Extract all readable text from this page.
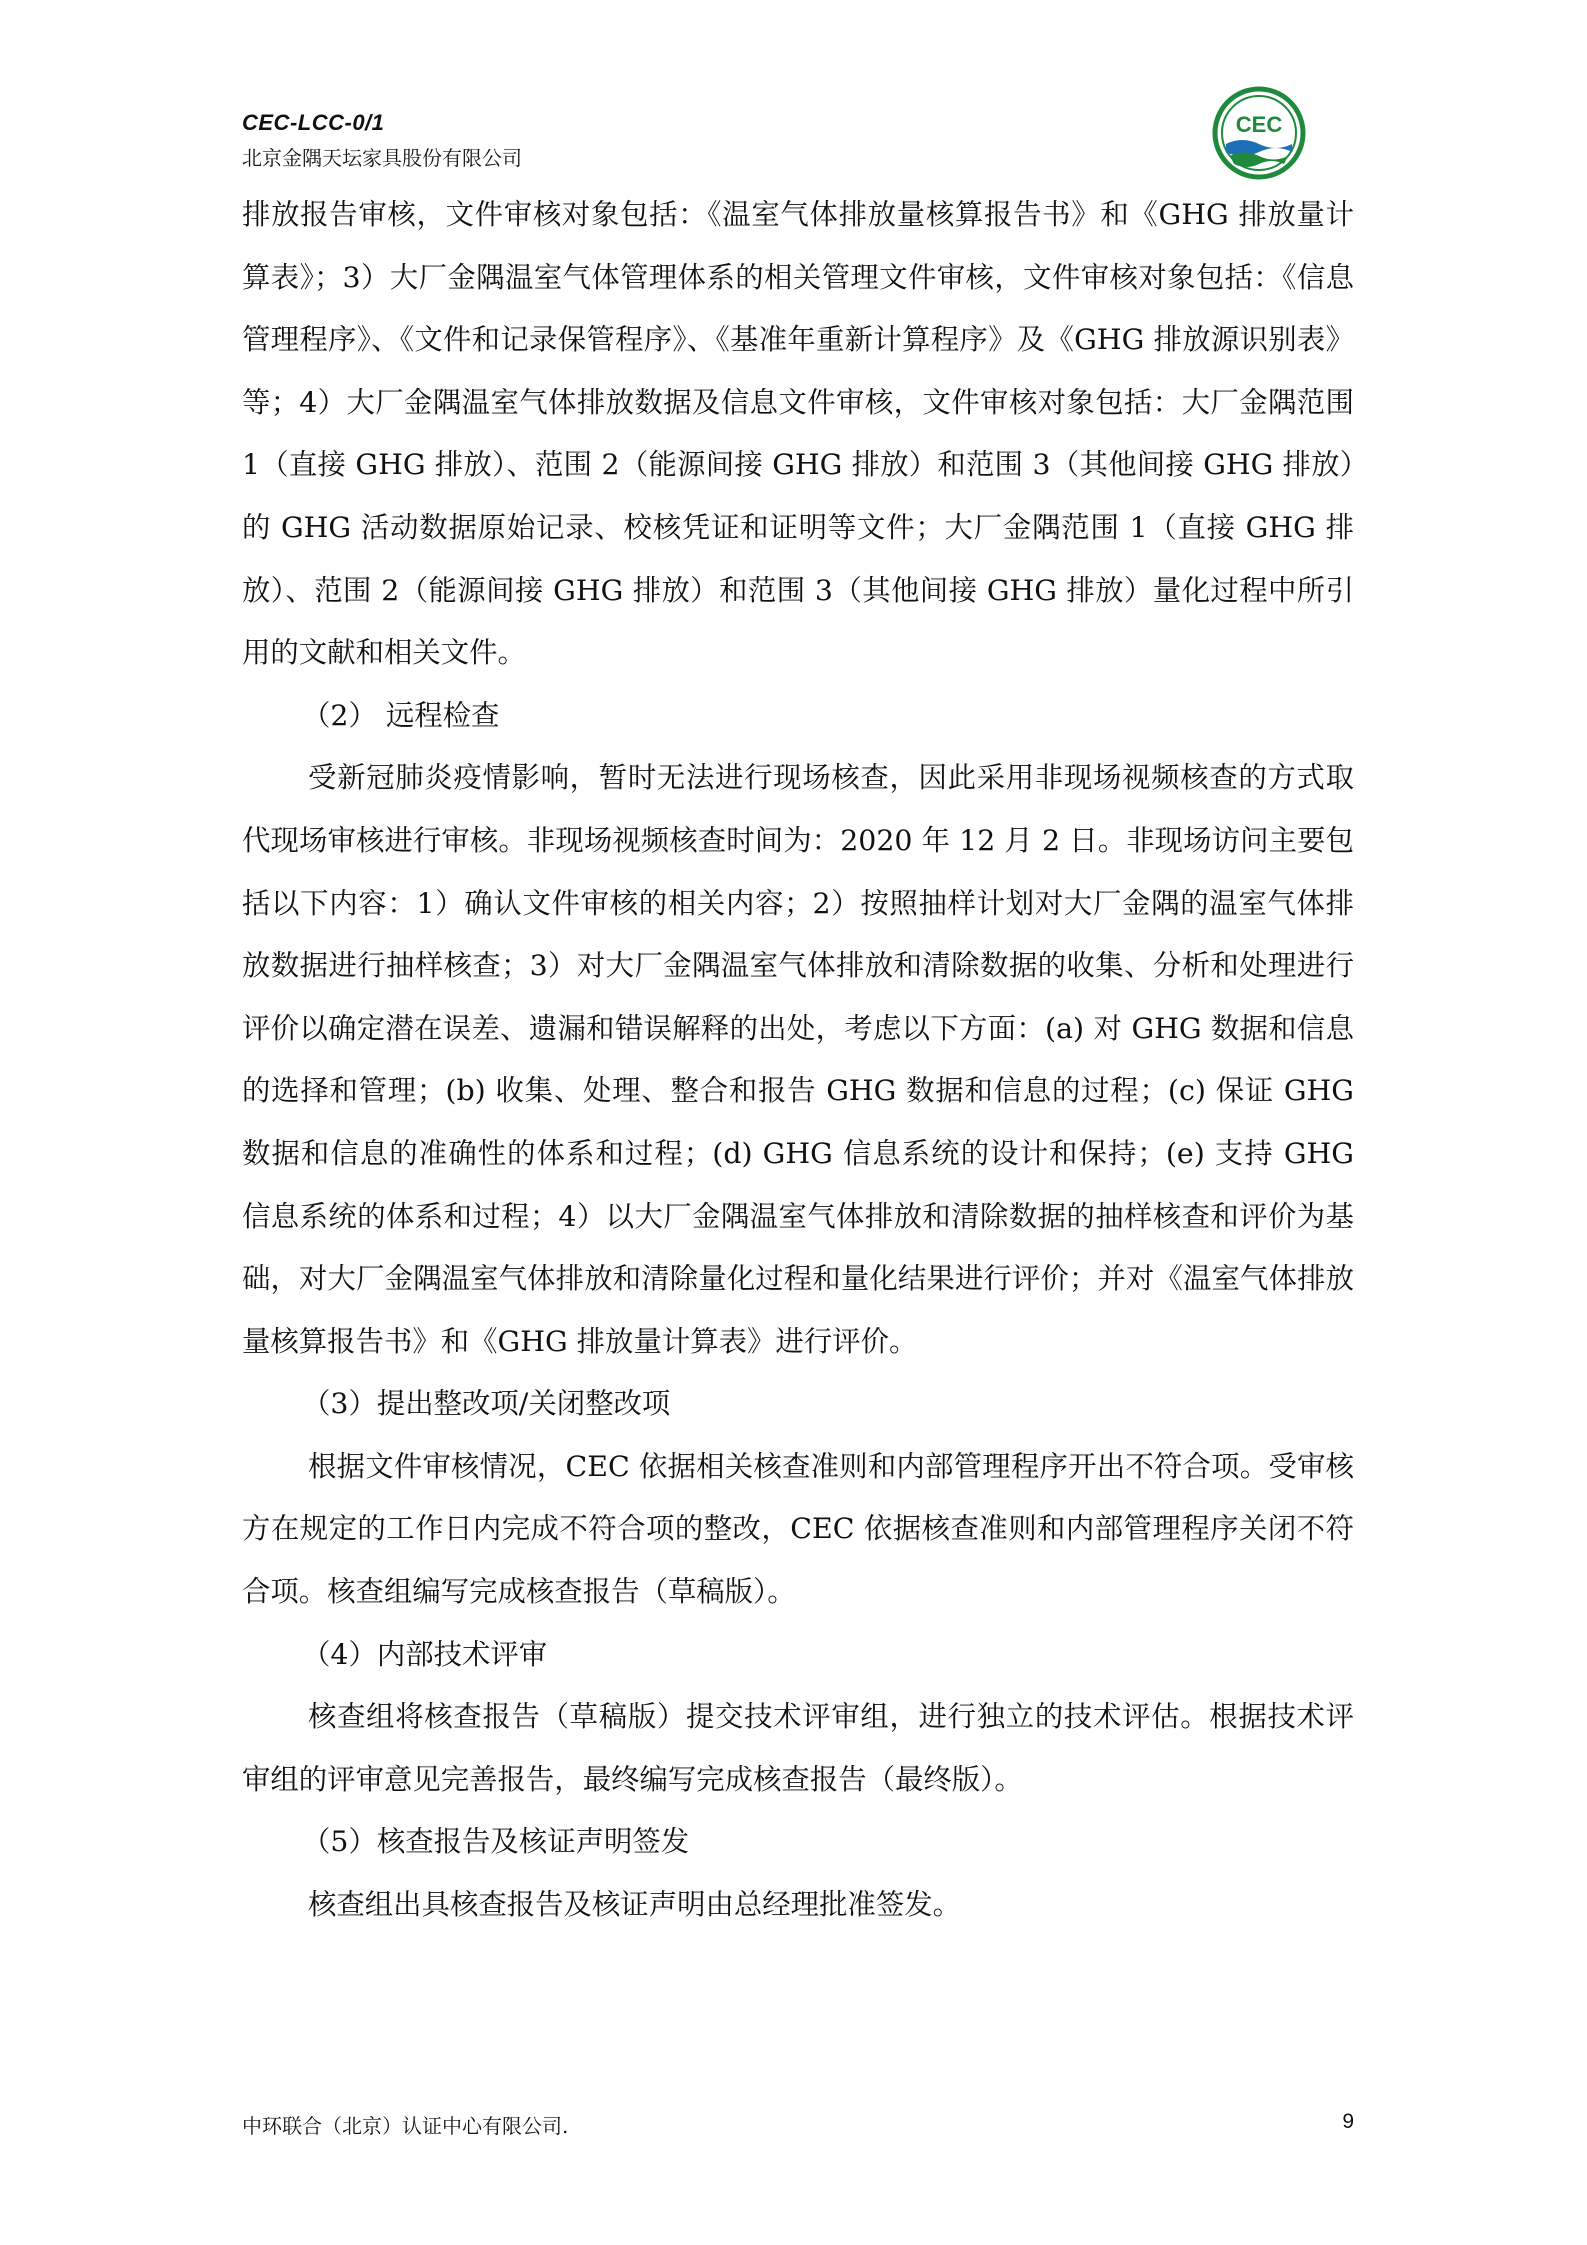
CEC-LCC-0/1
北京金隅天坛家具股份有限公司
CEC

排放报告审核，文件审核对象包括：《温室气体排放量核算报告书》和《GHG 排放量计算表》；3）大厂金隅温室气体管理体系的相关管理文件审核，文件审核对象包括：《信息管理程序》、《文件和记录保管程序》、《基准年重新计算程序》及《GHG 排放源识别表》等；4）大厂金隅温室气体排放数据及信息文件审核，文件审核对象包括：大厂金隅范围 1（直接 GHG 排放）、范围 2（能源间接 GHG 排放）和范围 3（其他间接 GHG 排放）的 GHG 活动数据原始记录、校核凭证和证明等文件；大厂金隅范围 1（直接 GHG 排放）、范围 2（能源间接 GHG 排放）和范围 3（其他间接 GHG 排放）量化过程中所引用的文献和相关文件。

（2） 远程检查

受新冠肺炎疫情影响，暂时无法进行现场核查，因此采用非现场视频核查的方式取代现场审核进行审核。非现场视频核查时间为：2020 年 12 月 2 日。非现场访问主要包括以下内容：1）确认文件审核的相关内容；2）按照抽样计划对大厂金隅的温室气体排放数据进行抽样核查；3）对大厂金隅温室气体排放和清除数据的收集、分析和处理进行评价以确定潜在误差、遗漏和错误解释的出处，考虑以下方面：(a) 对 GHG 数据和信息的选择和管理；(b) 收集、处理、整合和报告 GHG 数据和信息的过程；(c) 保证 GHG 数据和信息的准确性的体系和过程；(d) GHG 信息系统的设计和保持；(e) 支持 GHG 信息系统的体系和过程；4）以大厂金隅温室气体排放和清除数据的抽样核查和评价为基础，对大厂金隅温室气体排放和清除量化过程和量化结果进行评价；并对《温室气体排放量核算报告书》和《GHG 排放量计算表》进行评价。

（3）提出整改项/关闭整改项

根据文件审核情况，CEC 依据相关核查准则和内部管理程序开出不符合项。受审核方在规定的工作日内完成不符合项的整改，CEC 依据核查准则和内部管理程序关闭不符合项。核查组编写完成核查报告（草稿版）。

（4）内部技术评审

核查组将核查报告（草稿版）提交技术评审组，进行独立的技术评估。根据技术评审组的评审意见完善报告，最终编写完成核查报告（最终版）。

（5）核查报告及核证声明签发

核查组出具核查报告及核证声明由总经理批准签发。

中环联合（北京）认证中心有限公司.	9
